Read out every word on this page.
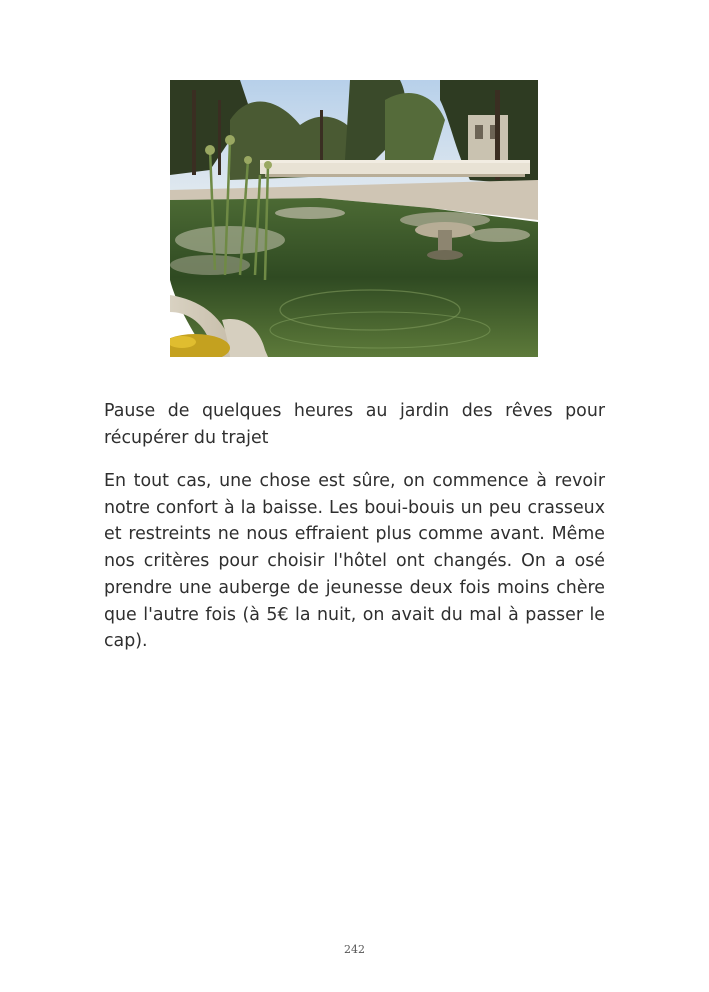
Pause de quelques heures au jardin des rêves pour récupérer du trajet

En tout cas, une chose est sûre, on commence à revoir notre confort à la baisse. Les boui-bouis un peu crasseux et restreints ne nous effraient plus comme avant. Même nos critères pour choisir l'hôtel ont changés. On a osé prendre une auberge de jeunesse deux fois moins chère que l'autre fois (à 5€ la nuit, on avait du mal à passer le cap).

242
